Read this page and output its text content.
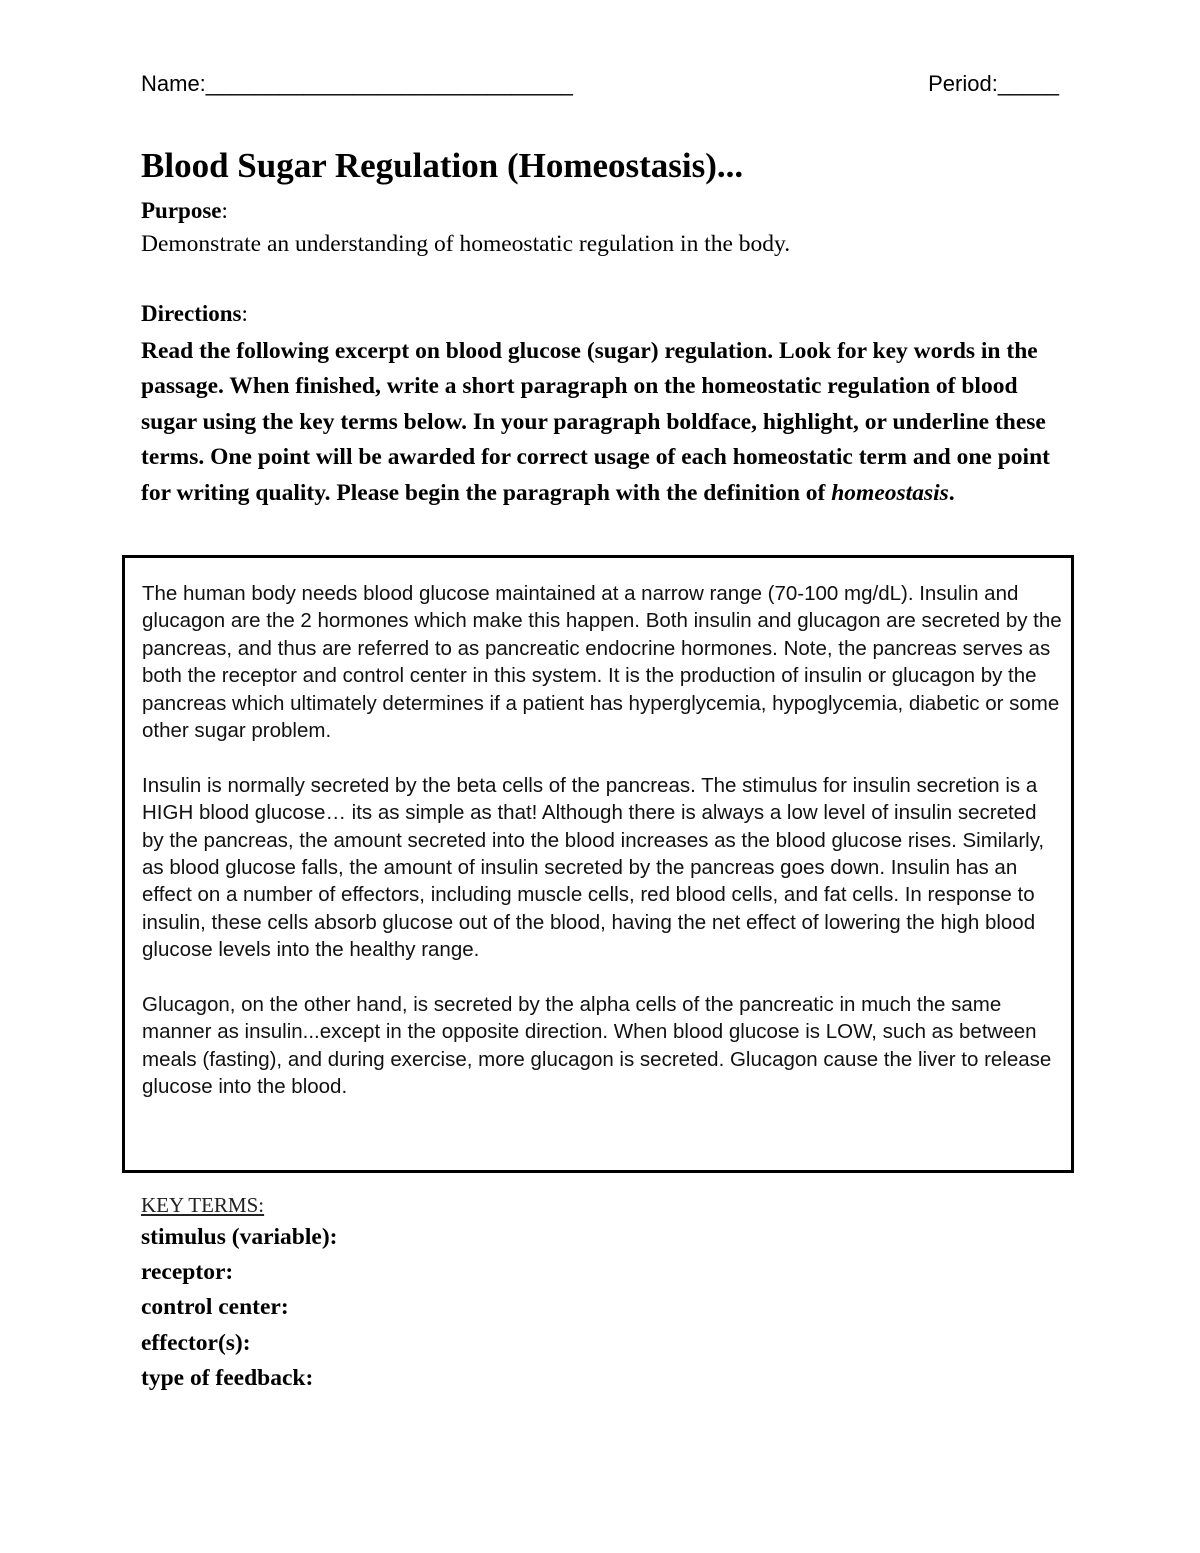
Name:______________________________	Period:_____
Blood Sugar Regulation (Homeostasis)...
Purpose:
Demonstrate an understanding of homeostatic regulation in the body.
Directions:

Read the following excerpt on blood glucose (sugar) regulation. Look for key words in the passage. When finished, write a short paragraph on the homeostatic regulation of blood sugar using the key terms below. In your paragraph boldface, highlight, or underline these terms. One point will be awarded for correct usage of each homeostatic term and one point for writing quality. Please begin the paragraph with the definition of homeostasis.

The human body needs blood glucose maintained at a narrow range (70-100 mg/dL). Insulin and glucagon are the 2 hormones which make this happen. Both insulin and glucagon are secreted by the pancreas, and thus are referred to as pancreatic endocrine hormones. Note, the pancreas serves as both the receptor and control center in this system. It is the production of insulin or glucagon by the pancreas which ultimately determines if a patient has hyperglycemia, hypoglycemia, diabetic or some other sugar problem.

Insulin is normally secreted by the beta cells of the pancreas. The stimulus for insulin secretion is a HIGH blood glucose… its as simple as that! Although there is always a low level of insulin secreted by the pancreas, the amount secreted into the blood increases as the blood glucose rises. Similarly, as blood glucose falls, the amount of insulin secreted by the pancreas goes down. Insulin has an effect on a number of effectors, including muscle cells, red blood cells, and fat cells. In response to insulin, these cells absorb glucose out of the blood, having the net effect of lowering the high blood glucose levels into the healthy range.

Glucagon, on the other hand, is secreted by the alpha cells of the pancreatic in much the same manner as insulin...except in the opposite direction. When blood glucose is LOW, such as between meals (fasting), and during exercise, more glucagon is secreted. Glucagon cause the liver to release glucose into the blood.

KEY TERMS:
stimulus (variable):
receptor:
control center:
effector(s):
type of feedback:
